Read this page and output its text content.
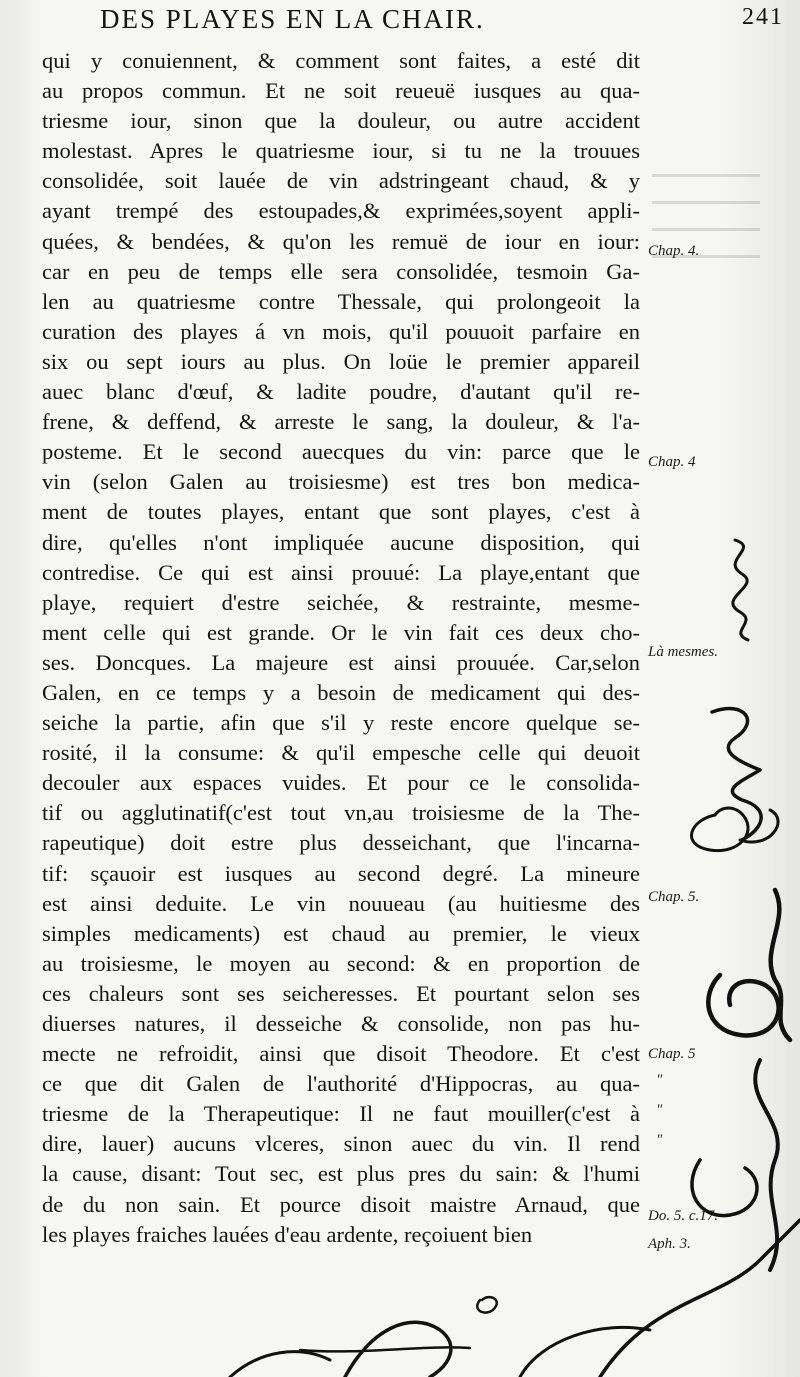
DES PLAYES EN LA CHAIR.	241
qui y conuiennent, & comment sont faites, a esté dit
au propos commun. Et ne soit reueuë iusques au qua-
triesme iour, sinon que la douleur, ou autre accident
molestast. Apres le quatriesme iour, si tu ne la trouues
consolidée, soit lauée de vin adstringeant chaud, & y
ayant trempé des estoupades,& exprimées,soyent appli-
quées, & bendées, & qu'on les remuë de iour en iour:
car en peu de temps elle sera consolidée, tesmoin Ga-
len au quatriesme contre Thessale, qui prolongeoit la
curation des playes á vn mois, qu'il pouuoit parfaire en
six ou sept iours au plus. On loüe le premier appareil
auec blanc d'œuf, & ladite poudre, d'autant qu'il re-
frene, & deffend, & arreste le sang, la douleur, & l'a-
postеme. Et le second auecques du vin: parce que le
vin (selon Galen au troisiesme) est tres bon medica-
ment de toutes playes, entant que sont playes, c'est à
dire, qu'elles n'ont impliquée aucune disposition, qui
contredise. Ce qui est ainsi prouué: La playe,entant que
playe, requiert d'estre seichée, & restrainte, mesme-
ment celle qui est grande. Or le vin fait ces deux cho-
ses. Doncques. La majeure est ainsi prouuée. Car,selon
Galen, en ce temps y a besoin de medicament qui des-
seiche la partie, afin que s'il y reste encore quelque se-
rosité, il la consume: & qu'il empesche celle qui deuoit
decouler aux espaces vuides. Et pour ce le consolida-
tif ou agglutinatif(c'est tout vn,au troisiesme de la The-
rapeutique) doit estre plus desseichant, que l'incarna-
tif: sçauoir est iusques au second degré. La mineure
est ainsi deduite. Le vin nouueau (au huitiesme des
simples medicaments) est chaud au premier, le vieux
au troisiesme, le moyen au second: & en proportion de
ces chaleurs sont ses seicheresses. Et pourtant selon ses
diuerses natures, il desseiche & consolide, non pas hu-
mecte ne refroidit, ainsi que disoit Theodore. Et c'est
ce que dit Galen de l'authorité d'Hippocras, au qua-
triesme de la Therapeutique: Il ne faut mouiller(c'est à
dire, lauer) aucuns vlceres, sinon auec du vin. Il rend
la cause, disant: Tout sec, est plus pres du sain: & l'humi
de du non sain. Et pource disoit maistre Arnaud, que
les playes fraiches lauées d'eau ardente, reçoiuent bien
Chap. 4.
Chap. 4
Là mesmes.
Chap. 5.
Chap. 5
"
"
"
Do. 5. c.17.
Aph. 3.
